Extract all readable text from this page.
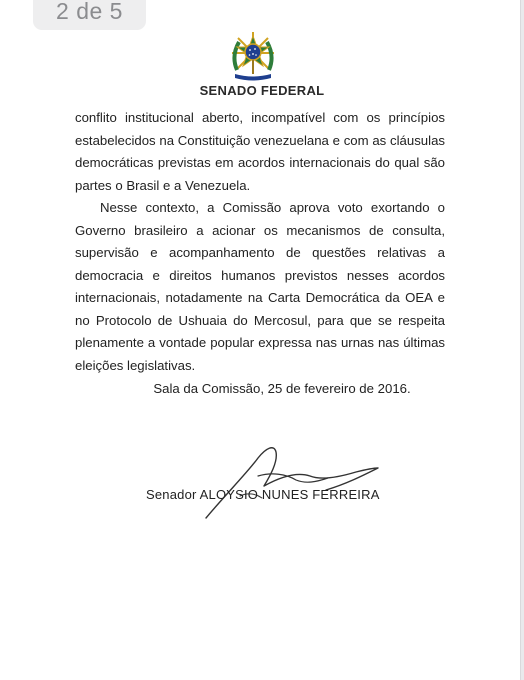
2 de 5
SENADO FEDERAL

conflito institucional aberto, incompatível com os princípios estabelecidos na Constituição venezuelana e com as cláusulas democráticas previstas em acordos internacionais do qual são partes o Brasil e a Venezuela.

Nesse contexto, a Comissão aprova voto exortando o Governo brasileiro a acionar os mecanismos de consulta, supervisão e acompanhamento de questões relativas a democracia e direitos humanos previstos nesses acordos internacionais, notadamente na Carta Democrática da OEA e no Protocolo de Ushuaia do Mercosul, para que se respeita plenamente a vontade popular expressa nas urnas nas últimas eleições legislativas.

Sala da Comissão, 25 de fevereiro de 2016.
Senador ALOYSIO NUNES FERREIRA
